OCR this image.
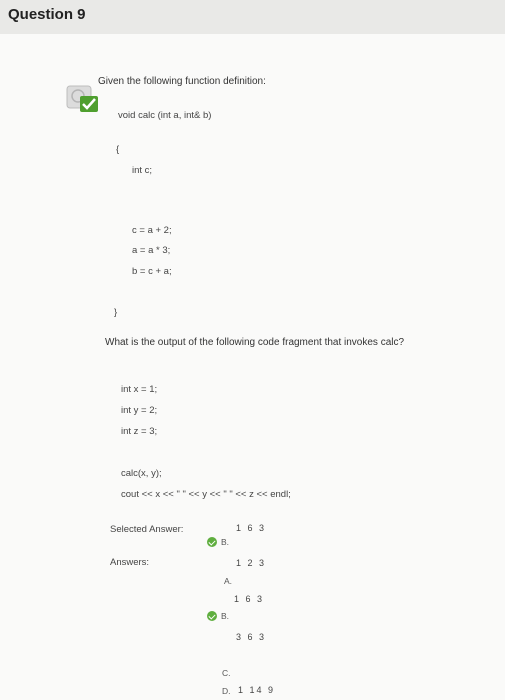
Question 9
Given the following function definition:
void calc (int a, int& b)
{
int c;
c = a + 2;
a = a * 3;
b = c + a;
}
What is the output of the following code fragment that invokes calc?
int x = 1;
int y = 2;
int z = 3;
calc(x, y);
cout << x << " " << y << " " << z << endl;
Selected Answer:	1 6 3
B.
Answers:	1 2 3
A.
1 6 3
B.
3 6 3
C.
D. 1 14 9
